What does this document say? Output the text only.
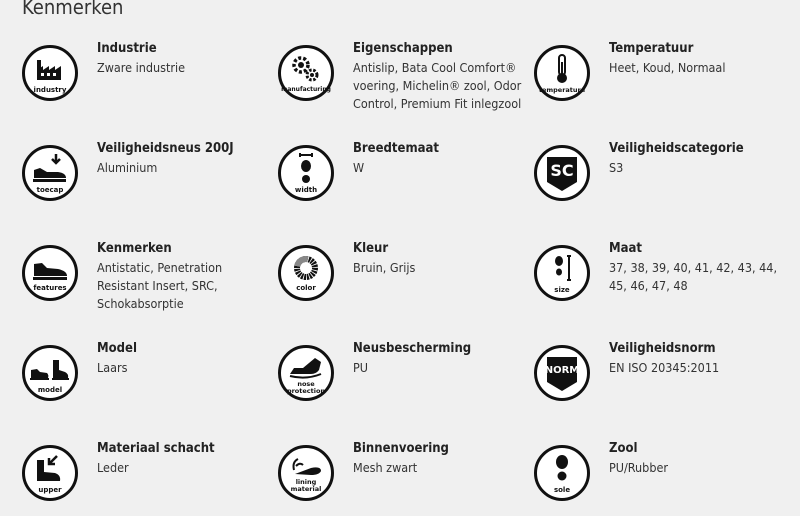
Kenmerken
industry
Industrie
Zware industrie
manufacturing
Eigenschappen
Antislip, Bata Cool Comfort® voering, Michelin® zool, Odor Control, Premium Fit inlegzool
temperature
Temperatuur
Heet, Koud, Normaal
toecap
Veiligheidsneus 200J
Aluminium
width
Breedtemaat
W	SC
Veiligheidscategorie
S3
features
Kenmerken
Antistatic, Penetration Resistant Insert, SRC, Schokabsorptie
color
Kleur
Bruin, Grijs
size
Maat
37, 38, 39, 40, 41, 42, 43, 44, 45, 46, 47, 48
model
Model
Laars
nose protection
Neusbescherming
PU	NORM
Veiligheidsnorm
EN ISO 20345:2011
upper
Materiaal schacht
Leder
lining material
Binnenvoering
Mesh zwart
sole
Zool
PU/Rubber
